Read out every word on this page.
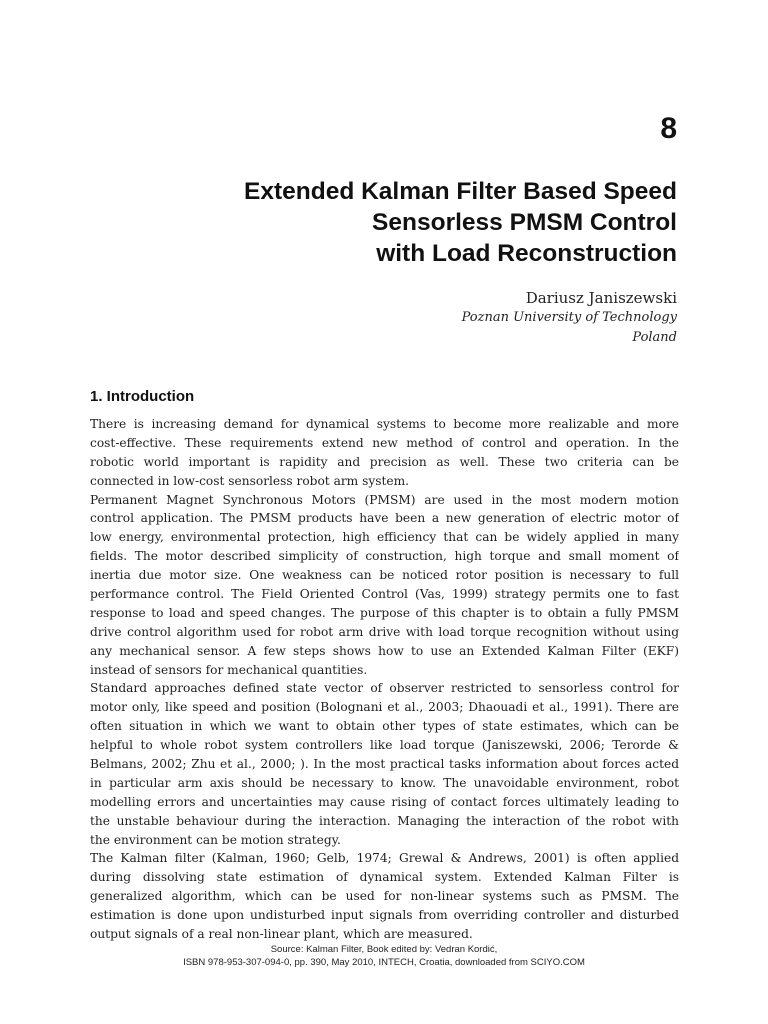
8
Extended Kalman Filter Based Speed
Sensorless PMSM Control
with Load Reconstruction
Dariusz Janiszewski
Poznan University of Technology
Poland
1. Introduction
There is increasing demand for dynamical systems to become more realizable and more
cost-effective. These requirements extend new method of control and operation. In the
robotic world important is rapidity and precision as well. These two criteria can be
connected in low-cost sensorless robot arm system.
Permanent Magnet Synchronous Motors (PMSM) are used in the most modern motion
control application. The PMSM products have been a new generation of electric motor of
low energy, environmental protection, high efficiency that can be widely applied in many
fields. The motor described simplicity of construction, high torque and small moment of
inertia due motor size. One weakness can be noticed rotor position is necessary to full
performance control. The Field Oriented Control (Vas, 1999) strategy permits one to fast
response to load and speed changes. The purpose of this chapter is to obtain a fully PMSM
drive control algorithm used for robot arm drive with load torque recognition without using
any mechanical sensor. A few steps shows how to use an Extended Kalman Filter (EKF)
instead of sensors for mechanical quantities.
Standard approaches defined state vector of observer restricted to sensorless control for
motor only, like speed and position (Bolognani et al., 2003; Dhaouadi et al., 1991). There are
often situation in which we want to obtain other types of state estimates, which can be
helpful to whole robot system controllers like load torque (Janiszewski, 2006; Terorde &
Belmans, 2002; Zhu et al., 2000; ). In the most practical tasks information about forces acted
in particular arm axis should be necessary to know. The unavoidable environment, robot
modelling errors and uncertainties may cause rising of contact forces ultimately leading to
the unstable behaviour during the interaction. Managing the interaction of the robot with
the environment can be motion strategy.
The Kalman filter (Kalman, 1960; Gelb, 1974; Grewal & Andrews, 2001) is often applied
during dissolving state estimation of dynamical system. Extended Kalman Filter is
generalized algorithm, which can be used for non-linear systems such as PMSM. The
estimation is done upon undisturbed input signals from overriding controller and disturbed
output signals of a real non-linear plant, which are measured.
Source: Kalman Filter, Book edited by: Vedran Kordić,
ISBN 978-953-307-094-0, pp. 390, May 2010, INTECH, Croatia, downloaded from SCIYO.COM
